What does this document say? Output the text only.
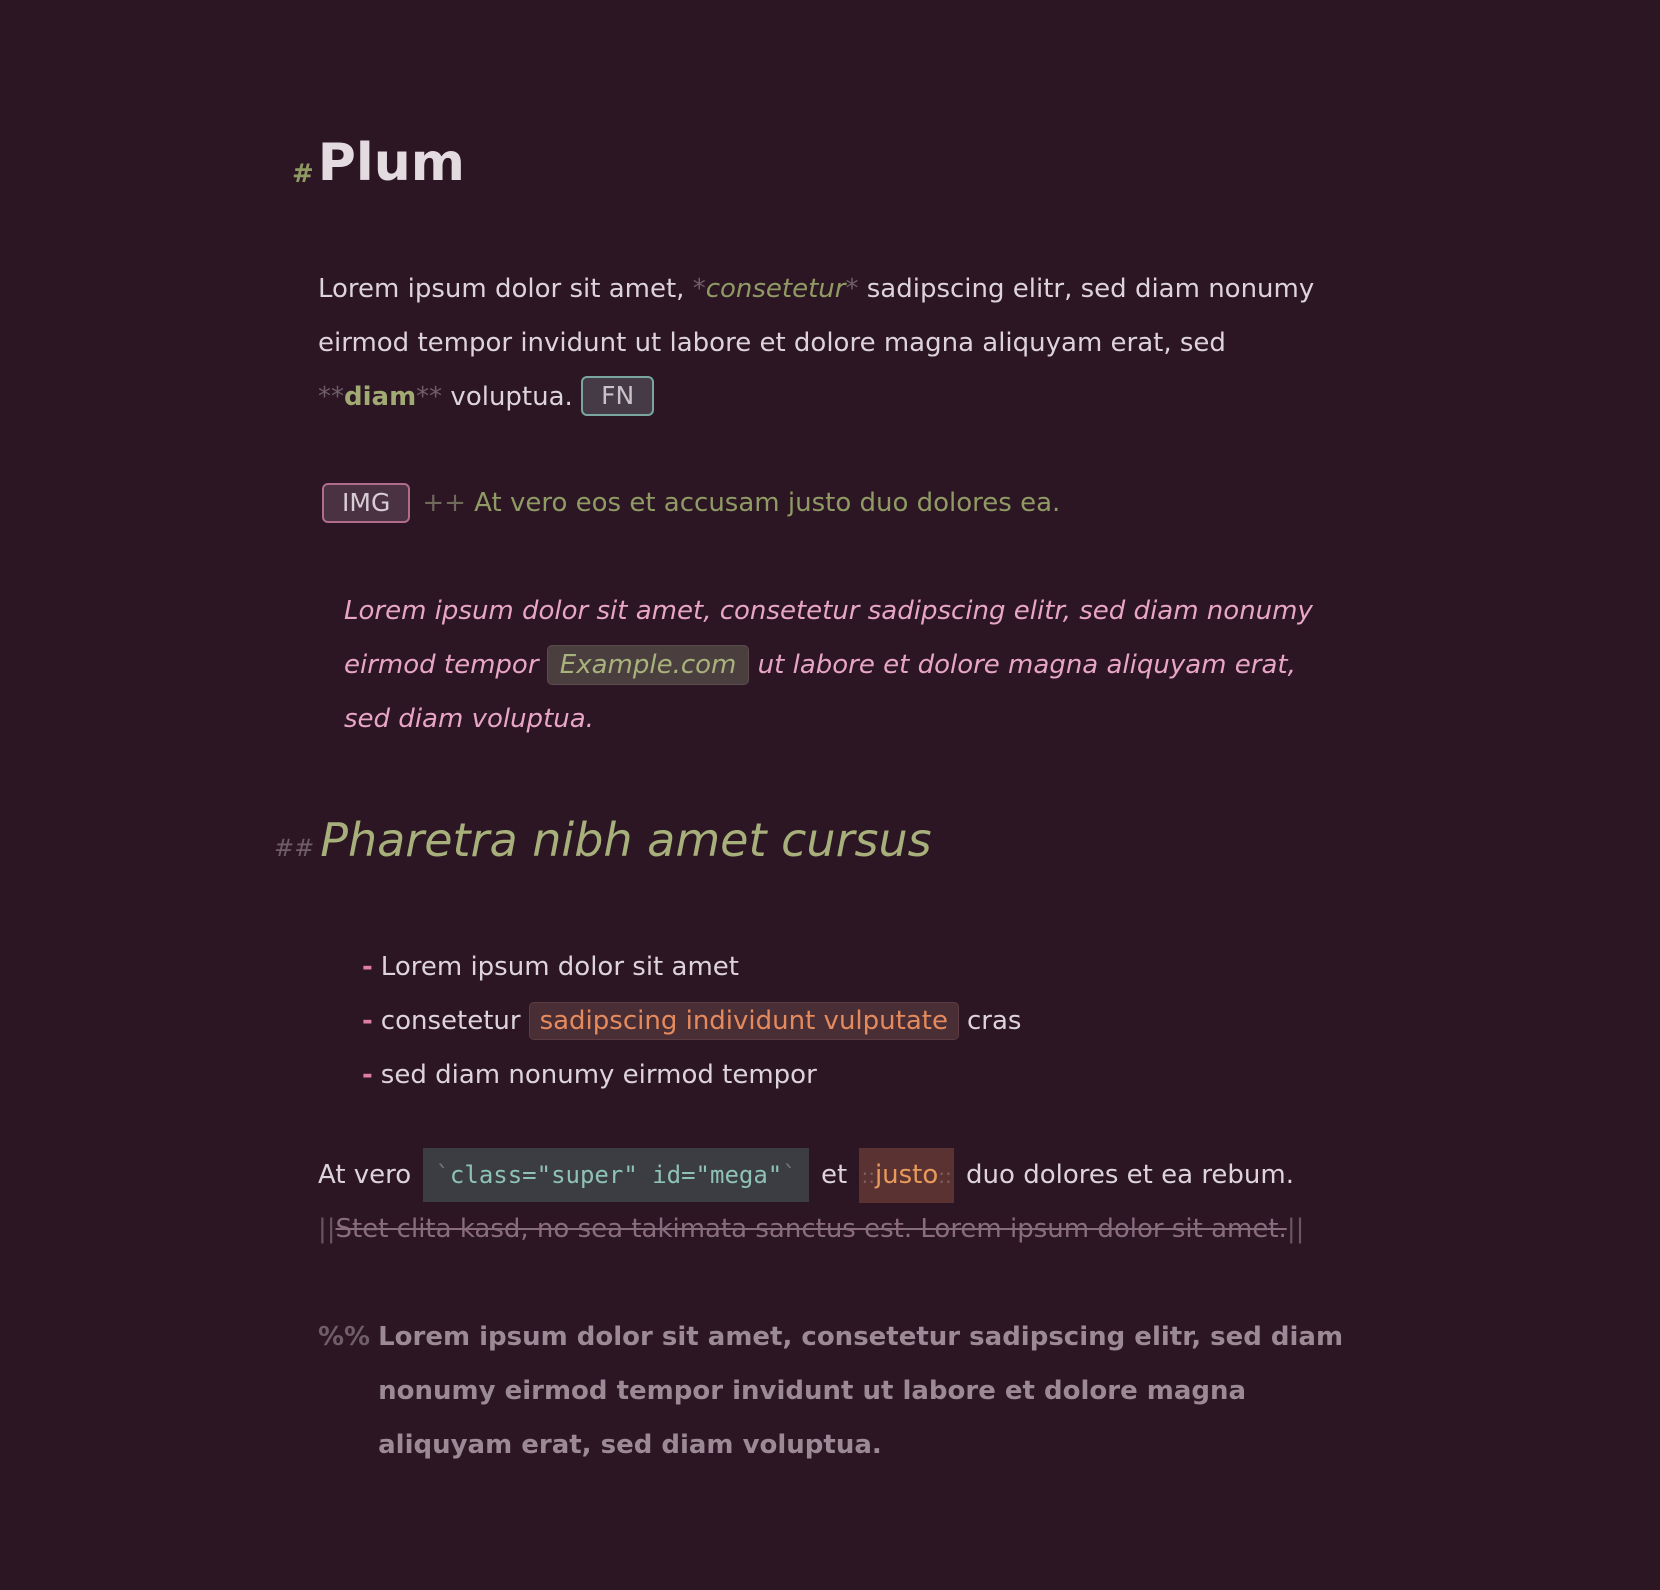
#Plum
Lorem ipsum dolor sit amet, *consetetur* sadipscing elitr, sed diam nonumy eirmod tempor invidunt ut labore et dolore magna aliquyam erat, sed **diam** voluptua. FN
IMG ++ At vero eos et accusam justo duo dolores ea.
Lorem ipsum dolor sit amet, consetetur sadipscing elitr, sed diam nonumy eirmod tempor Example.com ut labore et dolore magna aliquyam erat, sed diam voluptua.
## Pharetra nibh amet cursus
- Lorem ipsum dolor sit amet
- consetetur sadipscing individunt vulputate cras
- sed diam nonumy eirmod tempor
At vero `class="super" id="mega"` et ::justo:: duo dolores et ea rebum.
||Stet clita kasd, no sea takimata sanctus est. Lorem ipsum dolor sit amet.||
%% Lorem ipsum dolor sit amet, consetetur sadipscing elitr, sed diam nonumy eirmod tempor invidunt ut labore et dolore magna aliquyam erat, sed diam voluptua.
